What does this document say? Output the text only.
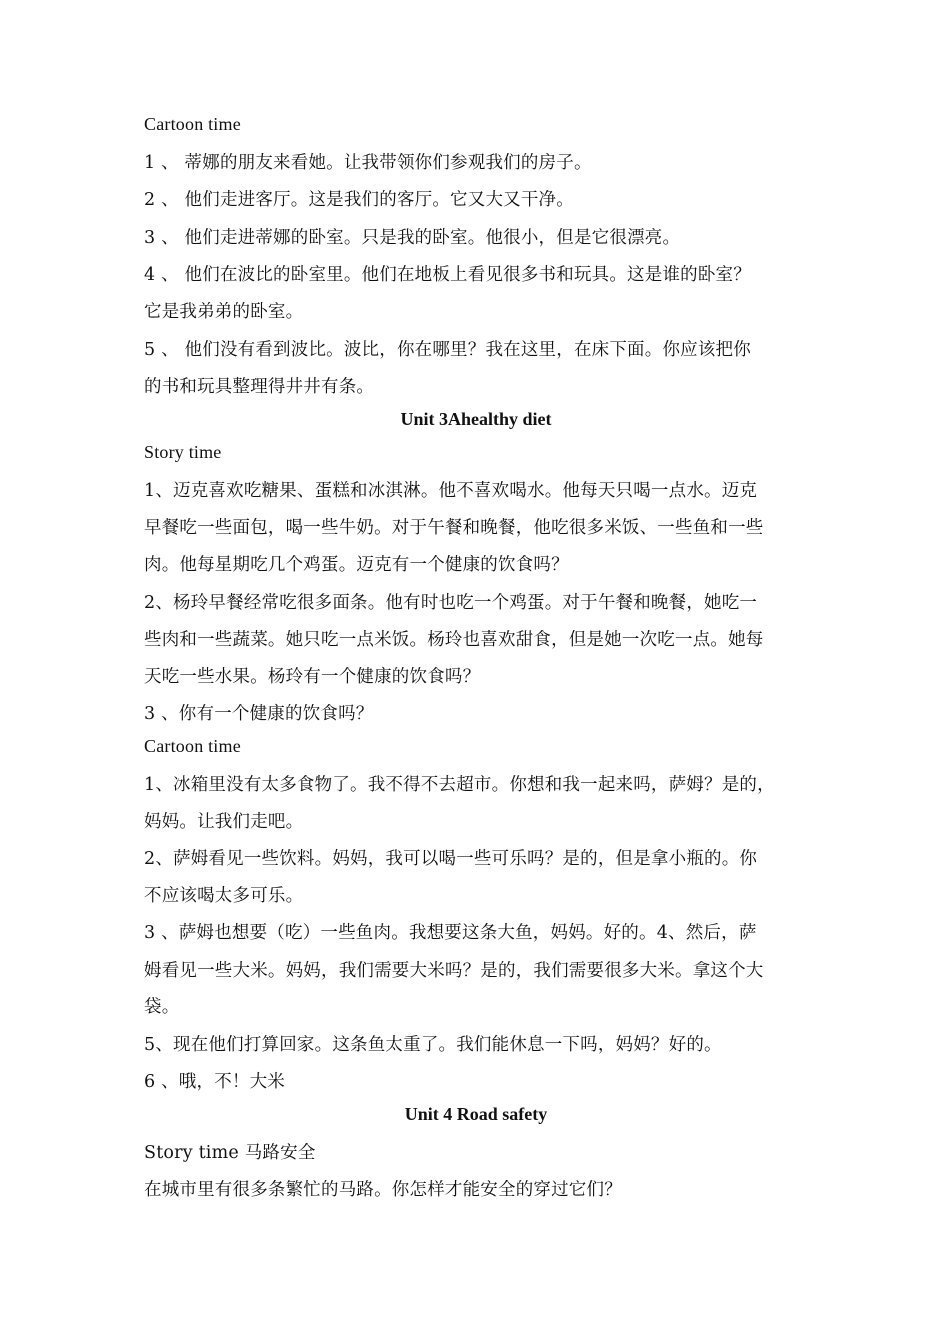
Cartoon time
1 、 蒂娜的朋友来看她。让我带领你们参观我们的房子。
2 、 他们走进客厅。这是我们的客厅。它又大又干净。
3 、 他们走进蒂娜的卧室。只是我的卧室。他很小，但是它很漂亮。
4 、 他们在波比的卧室里。他们在地板上看见很多书和玩具。这是谁的卧室？
它是我弟弟的卧室。
5 、 他们没有看到波比。波比，你在哪里？我在这里，在床下面。你应该把你
的书和玩具整理得井井有条。
Unit 3Ahealthy diet
Story time
1、迈克喜欢吃糖果、蛋糕和冰淇淋。他不喜欢喝水。他每天只喝一点水。迈克
早餐吃一些面包，喝一些牛奶。对于午餐和晚餐，他吃很多米饭、一些鱼和一些
肉。他每星期吃几个鸡蛋。迈克有一个健康的饮食吗？
2、杨玲早餐经常吃很多面条。他有时也吃一个鸡蛋。对于午餐和晚餐，她吃一
些肉和一些蔬菜。她只吃一点米饭。杨玲也喜欢甜食，但是她一次吃一点。她每
天吃一些水果。杨玲有一个健康的饮食吗？
3 、你有一个健康的饮食吗？
Cartoon time
1、冰箱里没有太多食物了。我不得不去超市。你想和我一起来吗，萨姆？是的，
妈妈。让我们走吧。
2、萨姆看见一些饮料。妈妈，我可以喝一些可乐吗？是的，但是拿小瓶的。你
不应该喝太多可乐。
3 、萨姆也想要（吃）一些鱼肉。我想要这条大鱼，妈妈。好的。4、然后，萨
姆看见一些大米。妈妈，我们需要大米吗？是的，我们需要很多大米。拿这个大
袋。
5、现在他们打算回家。这条鱼太重了。我们能休息一下吗，妈妈？好的。
6 、哦，不！大米
Unit 4 Road safety
Story time 马路安全
在城市里有很多条繁忙的马路。你怎样才能安全的穿过它们？
